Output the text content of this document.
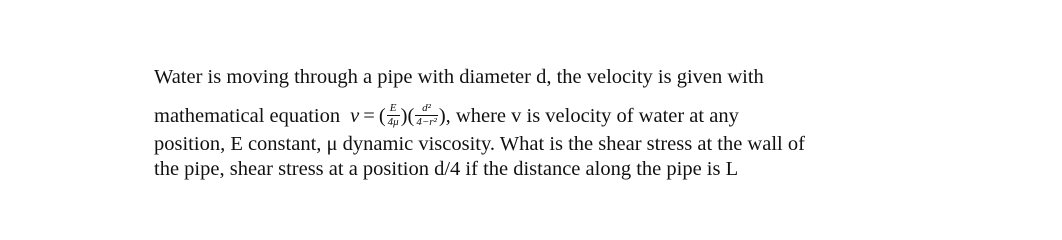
Water is moving through a pipe with diameter d, the velocity is given with
mathematical equation v = ( $\frac{E}{4\mu}$ )( $\frac{\text{d²}}{\text{4−r²}}$ ), where v is velocity of water at any
position, E constant, μ dynamic viscosity. What is the shear stress at the wall of
the pipe, shear stress at a position d/4 if the distance along the pipe is L
